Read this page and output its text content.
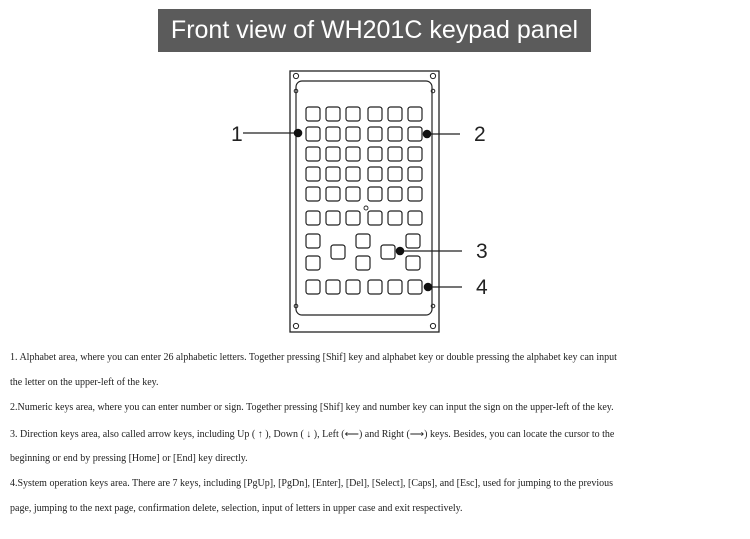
Front view of WH201C keypad panel
1	2
3
4

1. Alphabet area, where you can enter 26 alphabetic letters. Together pressing [Shif] key and alphabet key or double pressing the alphabet key can input

the letter on the upper-left of the key.

2.Numeric keys area, where you can enter number or sign. Together pressing [Shif] key and number key can input the sign on the upper-left of the key.

3. Direction keys area, also called arrow keys, including Up ( ↑ ), Down ( ↓ ), Left (⟵) and Right (⟶) keys. Besides, you can locate the cursor to the

beginning or end by pressing [Home] or [End] key directly.

4.System operation keys area. There are 7 keys, including [PgUp], [PgDn], [Enter], [Del], [Select], [Caps], and [Esc], used for jumping to the previous

page, jumping to the next page, confirmation delete, selection, input of letters in upper case and exit respectively.
